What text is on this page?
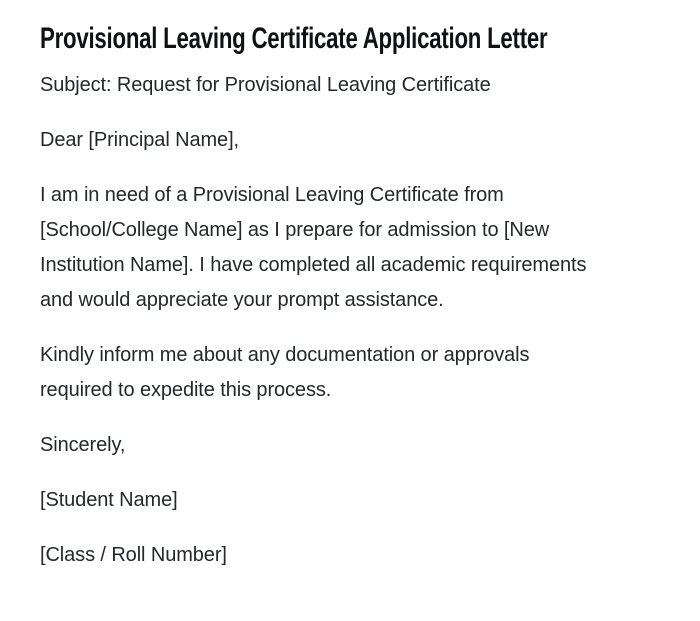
Provisional Leaving Certificate Application Letter
Subject: Request for Provisional Leaving Certificate
Dear [Principal Name],
I am in need of a Provisional Leaving Certificate from
[School/College Name] as I prepare for admission to [New
Institution Name]. I have completed all academic requirements
and would appreciate your prompt assistance.
Kindly inform me about any documentation or approvals
required to expedite this process.
Sincerely,
[Student Name]
[Class / Roll Number]
